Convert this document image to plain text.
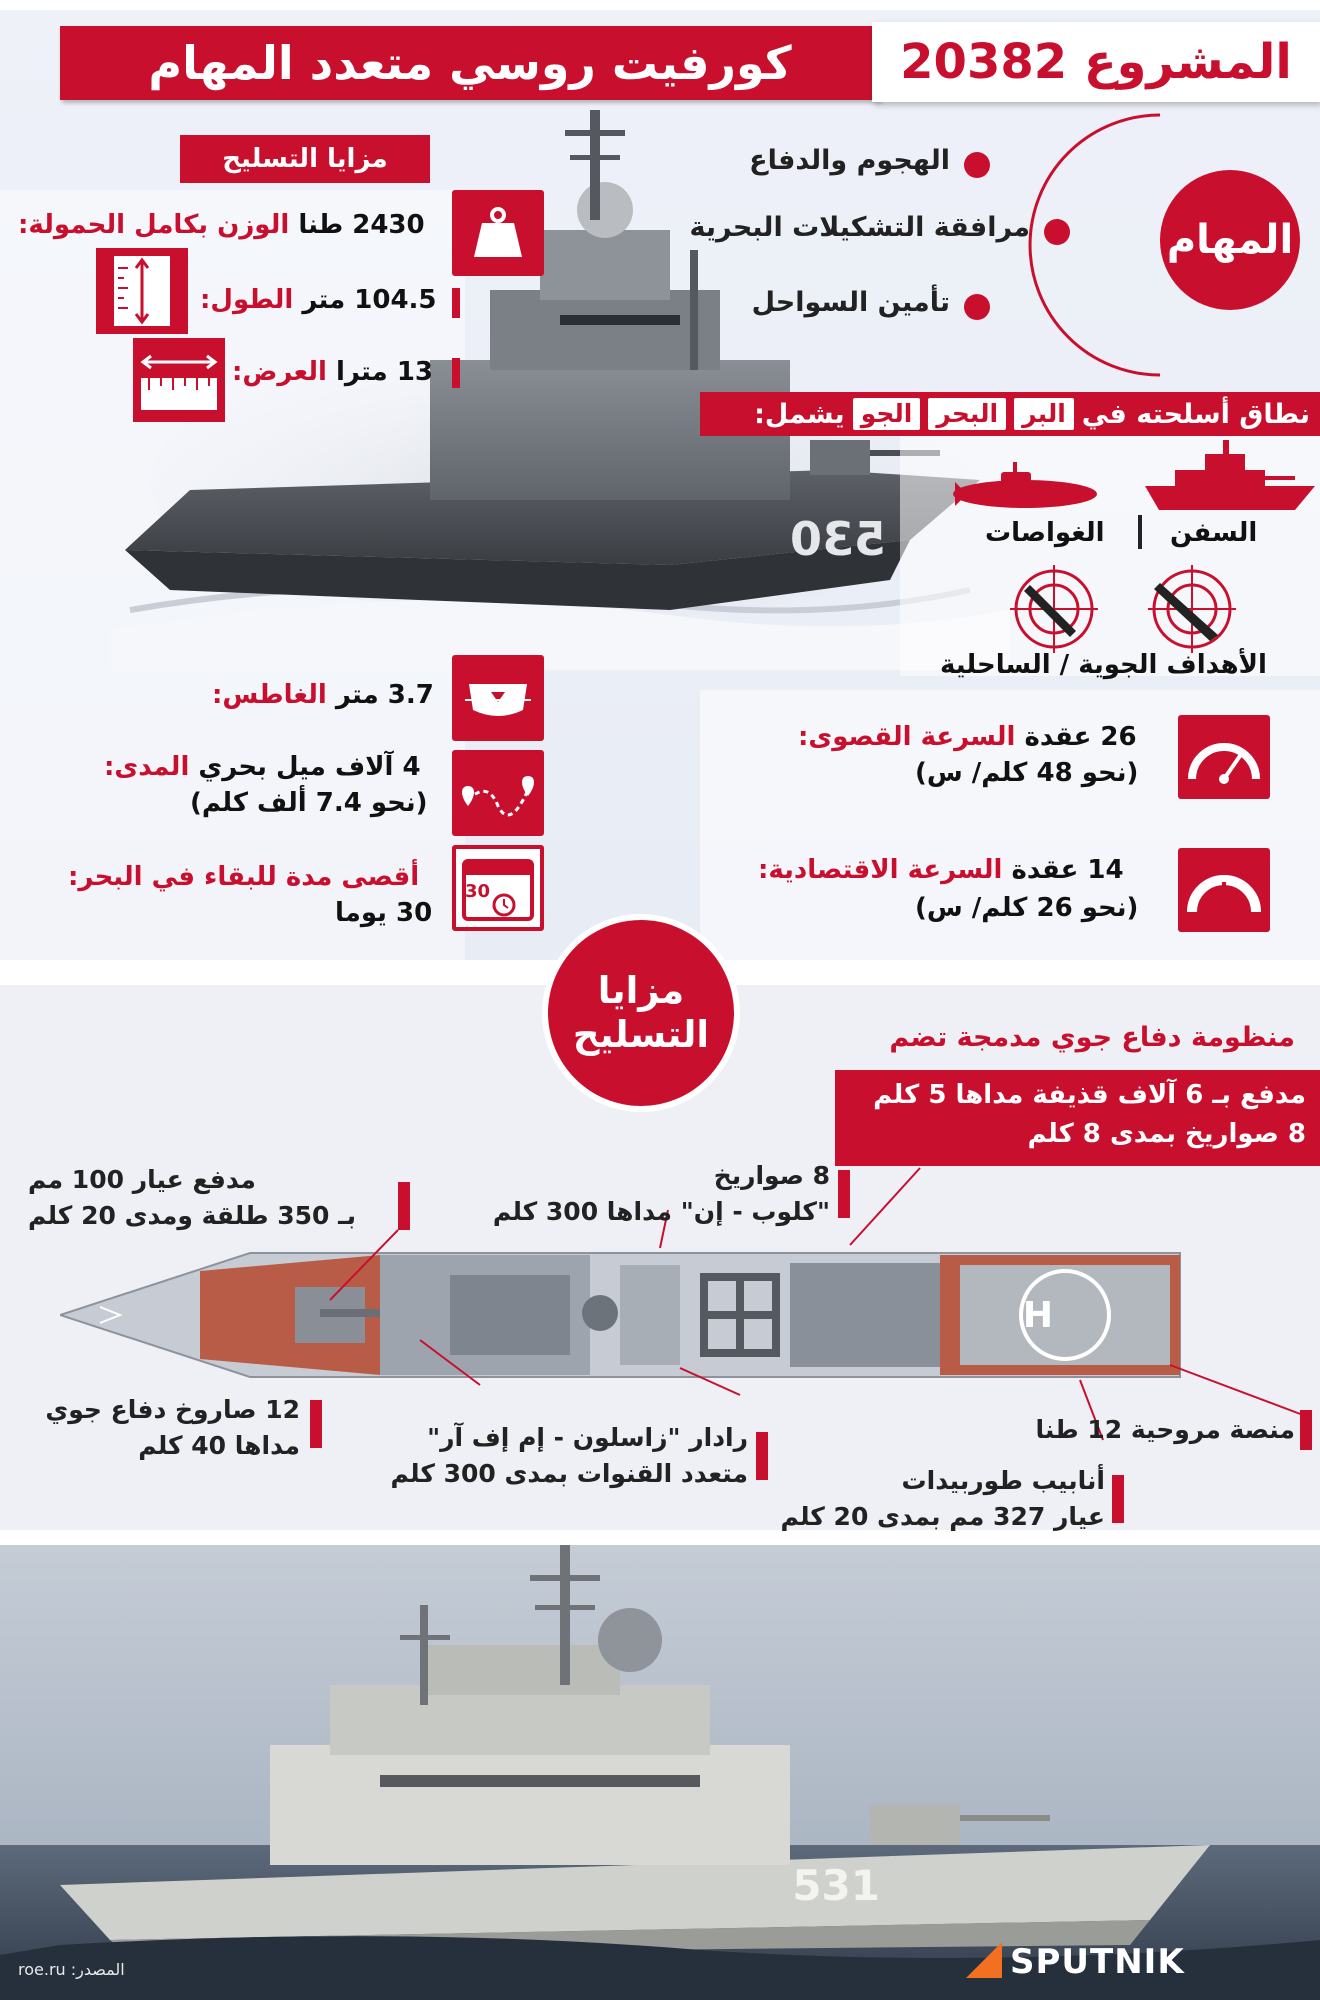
530
كورفيت روسي متعدد المهام المشروع 20382
المهام
الهجوم والدفاع
مرافقة التشكيلات البحرية
تأمين السواحل
مزايا التسليح
2430 طنا الوزن بكامل الحمولة:
104.5 متر الطول:
13 مترا العرض:
نطاق أسلحته في
البر
البحر
الجو
يشمل:
السفن
الغواصات
الأهداف الجوية / الساحلية
3.7 متر الغاطس:
4 آلاف ميل بحري المدى:
(نحو 7.4 ألف كلم)
30
أقصى مدة للبقاء في البحر:
30 يوما
26 عقدة السرعة القصوى:
(نحو 48 كلم/ س)
14 عقدة السرعة الاقتصادية:
(نحو 26 كلم/ س)
مزايا
التسليح	منظومة دفاع جوي مدمجة تضم
مدفع بـ 6 آلاف قذيفة مداها 5 كلم
8 صواريخ بمدى 8 كلم
H
مدفع عيار 100 مم
بـ 350 طلقة ومدى 20 كلم
8 صواريخ
"كلوب - إن" مداها 300 كلم
12 صاروخ دفاع جوي
مداها 40 كلم	رادار "زاسلون - إم إف آر"
متعدد القنوات بمدى 300 كلم
منصة مروحية 12 طنا
أنابيب طوربيدات
عيار 327 مم بمدى 20 كلم
531
SPUTNIK
المصدر: roe.ru
